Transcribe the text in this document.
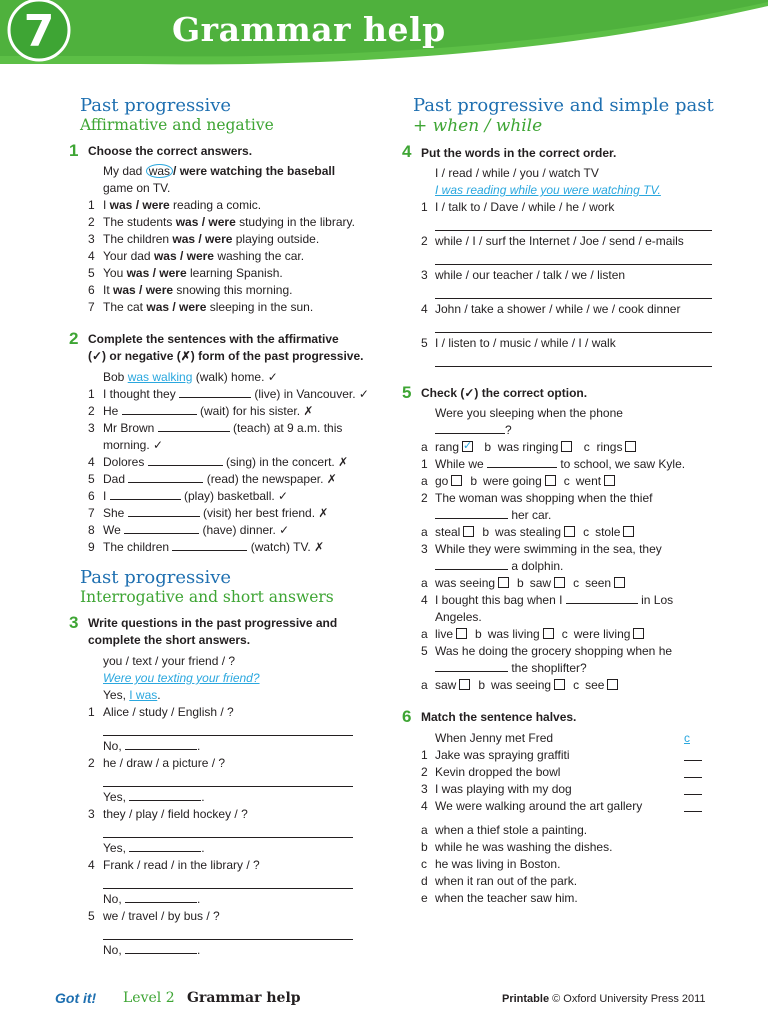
7	Grammar help
Past progressive
Affirmative and negative
1 Choose the correct answers.
My dad was / were watching the baseball
game on TV.
1 I was / were reading a comic.
2 The students was / were studying in the library.
3 The children was / were playing outside.
4 Your dad was / were washing the car.
5 You was / were learning Spanish.
6 It was / were snowing this morning.
7 The cat was / were sleeping in the sun.
2 Complete the sentences with the affirmative
(✓) or negative (✗) form of the past progressive.
Bob was walking (walk) home. ✓
1 I thought they	(live) in Vancouver. ✓
2 He	(wait) for his sister. ✗
3 Mr Brown	(teach) at 9 a.m. this
morning. ✓
4 Dolores	(sing) in the concert. ✗
5 Dad	(read) the newspaper. ✗
6 I	(play) basketball. ✓
7 She	(visit) her best friend. ✗
8 We	(have) dinner. ✓
9 The children	(watch) TV. ✗
Past progressive
Interrogative and short answers
3 Write questions in the past progressive and
complete the short answers.
you / text / your friend / ?
Were you texting your friend?
Yes, I was.
1 Alice / study / English / ?
No,	.
2 he / draw / a picture / ?
Yes,	.
3 they / play / field hockey / ?
Yes,	.
4 Frank / read / in the library / ?
No,	.
5 we / travel / by bus / ?
No,	.
Past progressive and simple past
+ when / while
4 Put the words in the correct order.
I / read / while / you / watch TV
I was reading while you were watching TV.
1 I / talk to / Dave / while / he / work
2 while / I / surf the Internet / Joe / send / e-mails
3 while / our teacher / talk / we / listen
4 John / take a shower / while / we / cook dinner
5 I / listen to / music / while / I / walk
5 Check (✓) the correct option.
Were you sleeping when the phone
?
a rang✓ b was ringing c rings
1 While we	to school, we saw Kyle.
a go b were going c went
2 The woman was shopping when the thief
her car.
a steal b was stealing c stole
3 While they were swimming in the sea, they
a dolphin.
a was seeing b saw c seen
4 I bought this bag when I	in Los
Angeles.
a live b was living c were living
5 Was he doing the grocery shopping when he
the shoplifter?
a saw b was seeing c see
6 Match the sentence halves.
When Jenny met Fred	c
1 Jake was spraying graffiti
2 Kevin dropped the bowl
3 I was playing with my dog
4 We were walking around the art gallery
a when a thief stole a painting.
b while he was washing the dishes.
c he was living in Boston.
d when it ran out of the park.
e when the teacher saw him.
Got it! Level 2 Grammar help	Printable © Oxford University Press 2011
